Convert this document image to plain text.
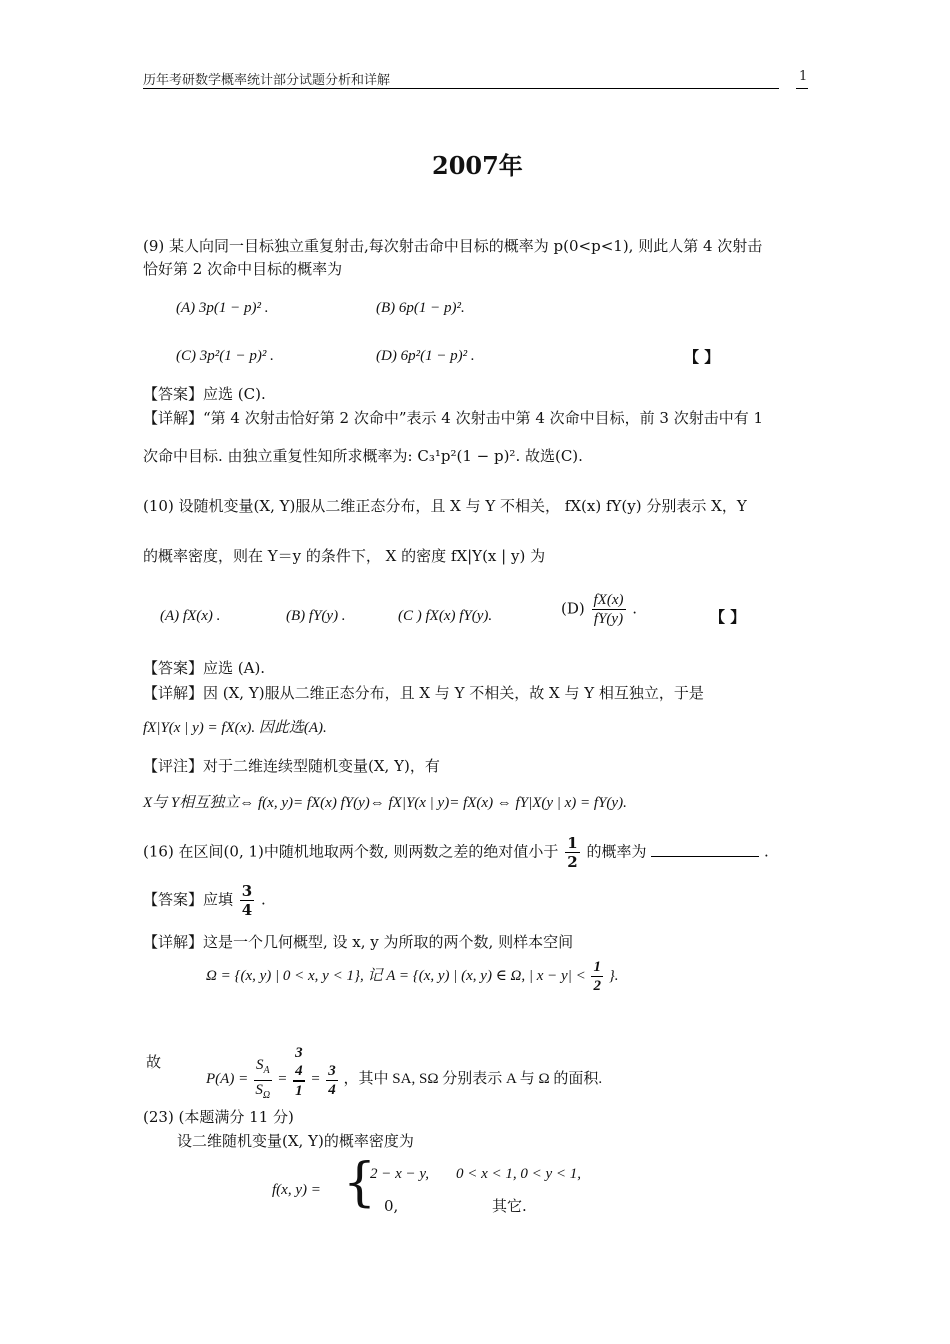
历年考研数学概率统计部分试题分析和详解	1
2007年
(9) 某人向同一目标独立重复射击,每次射击命中目标的概率为 p(0<p<1), 则此人第 4 次射击
恰好第 2 次命中目标的概率为
(A) 3p(1 − p)² .	(B) 6p(1 − p)².
(C) 3p²(1 − p)² .	(D) 6p²(1 − p)² .	【 】
【答案】应选 (C).
【详解】“第 4 次射击恰好第 2 次命中”表示 4 次射击中第 4 次命中目标，前 3 次射击中有 1
次命中目标. 由独立重复性知所求概率为: C₃¹p²(1 − p)². 故选(C).
(10) 设随机变量(X, Y)服从二维正态分布，且 X 与 Y 不相关， fX(x) fY(y) 分别表示 X，Y
的概率密度，则在 Y＝y 的条件下， X 的密度 fX|Y(x | y) 为
(A) fX(x) .	(B) fY(y) .	(C ) fX(x) fY(y).	$(D) \frac{fX(x)}{fY(y)}$ .	【 】
【答案】应选 (A).
【详解】因 (X, Y)服从二维正态分布，且 X 与 Y 不相关，故 X 与 Y 相互独立，于是
fX|Y(x | y) = fX(x). 因此选(A).
【评注】对于二维连续型随机变量(X, Y)，有
X与 Y相互独立⇔ f(x, y)= fX(x) fY(y)⇔ fX|Y(x | y)= fX(x) ⇔ fY|X(y | x) = fY(y).
(16) 在区间(0, 1)中随机地取两个数, 则两数之差的绝对值小于 $\frac{1}{2}$ 的概率为	.
【答案】应填 $\frac{3}{4}$ .
【详解】这是一个几何概型, 设 x, y 为所取的两个数, 则样本空间
Ω = {(x, y) | 0 < x, y < 1}, 记 A = {(x, y) | (x, y) ∈ Ω, | $x - y| < \frac{1}{2}$ }.
故
$P(A) = \frac{S_A}{S_\Omega}$ =
3
4
1
= $\frac{3}{4}$ ，其中 SA, SΩ 分别表示 A 与 Ω 的面积.
(23) (本题满分 11 分)
设二维随机变量(X, Y)的概率密度为
f(x, y) = {
2 − x − y, 0 < x < 1, 0 < y < 1,
0,	其它.
